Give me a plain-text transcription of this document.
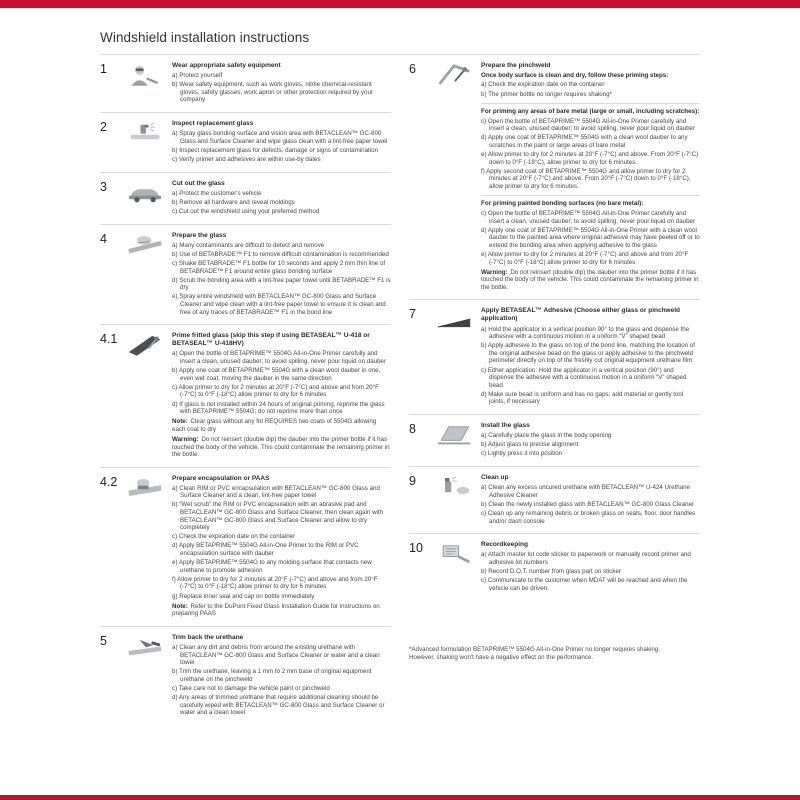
Windshield installation instructions
1	Wear appropriate safety equipment
a) Protect yourself
b) Wear safety equipment, such as work gloves, nitrile chemical-resistant gloves, safety glasses, work apron or other protection required by your company
2	Inspect replacement glass
a) Spray glass bonding surface and vision area with BETACLEAN™ GC-800 Glass and Surface Cleaner and wipe glass clean with a lint-free paper towel
b) Inspect replacement glass for defects, damage or signs of contamination
c) Verify primer and adhesives are within use-by dates
3	Cut out the glass
a) Protect the customer's vehicle
b) Remove all hardware and reveal moldings
c) Cut out the windshield using your preferred method
4	Prepare the glass
a) Many contaminants are difficult to detect and remove
b) Use of BETABRADE™ F1 to remove difficult contamination is recommended
c) Shake BETABRADE™ F1 bottle for 10 seconds and apply 2 mm thin line of BETABRADE™ F1 around entire glass bonding surface
d) Scrub the bonding area with a lint-free paper towel until BETABRADE™ F1 is dry
e) Spray entire windshield with BETACLEAN™ GC-800 Glass and Surface Cleaner and wipe clean with a lint-free paper towel to ensure it is clean and free of any traces of BETABRADE™ F1 in the bond line
4.1	Prime fritted glass (skip this step if using BETASEAL™ U-418 or BETASEAL™ U-418HV)
a) Open the bottle of BETAPRIME™ 5504G All-in-One Primer carefully and insert a clean, unused dauber; to avoid spilling, never pour liquid on dauber
b) Apply one coat of BETAPRIME™ 5504G with a clean wool dauber in one, even wet coat, moving the dauber in the same direction
c) Allow primer to dry for 2 minutes at 20°F (-7°C) and above and from 20°F (-7°C) to 0°F (-18°C) allow primer to dry for 6 minutes
d) If glass is not installed within 24 hours of original priming, reprime the glass with BETAPRIME™ 5504G; do not reprime more than once
Note: Clear glass without any frit REQUIRES two coats of 5504G allowing each coat to dry
Warning: Do not reinsert (double dip) the dauber into the primer bottle if it has touched the body of the vehicle. This could contaminate the remaining primer in the bottle.
4.2	Prepare encapsulation or PAAS
a) Clean RIM or PVC encapsulation with BETACLEAN™ GC-800 Glass and Surface Cleaner and a clean, lint-free paper towel
b) “Wet scrub” the RIM or PVC encapsulation with an abrasive pad and BETACLEAN™ GC-800 Glass and Surface Cleaner, then clean again with BETACLEAN™ GC-800 Glass and Surface Cleaner and allow to dry completely
c) Check the expiration date on the container
d) Apply BETAPRIME™ 5504G All-in-One Primer to the RIM or PVC encapsulation surface with dauber
e) Apply BETAPRIME™ 5504G to any molding surface that contacts new urethane to promote adhesion
f) Allow primer to dry for 2 minutes at 20°F (-7°C) and above and from 20°F (-7°C) to 0°F (-18°C) allow primer to dry for 6 minutes
g) Replace inner seal and cap on bottle immediately
Note: Refer to the DuPont Fixed Glass Installation Guide for instructions on preparing PAAS
5	Trim back the urethane
a) Clean any dirt and debris from around the existing urethane with BETACLEAN™ GC-800 Glass and Surface Cleaner or water and a clean towel
b) Trim the urethane, leaving a 1 mm to 2 mm base of original equipment urethane on the pinchweld
c) Take care not to damage the vehicle paint or pinchweld
d) Any areas of trimmed urethane that require additional cleaning should be carefully wiped with BETACLEAN™ GC-800 Glass and Surface Cleaner or water and a clean towel
6	Prepare the pinchweld
Once body surface is clean and dry, follow these priming steps:
a) Check the expiration date on the container
b) The primer bottle no longer requires shaking*
For priming any areas of bare metal (large or small, including scratches):
c) Open the bottle of BETAPRIME™ 5504G All-in-One Primer carefully and insert a clean, unused dauber; to avoid spilling, never pour liquid on dauber
d) Apply one coat of BETAPRIME™ 5504G with a clean wool dauber to any scratches in the paint or large areas of bare metal
e) Allow primer to dry for 2 minutes at 20°F (-7°C) and above. From 20°F (-7°C) down to 0°F (-18°C), allow primer to dry for 6 minutes.
f) Apply second coat of BETAPRIME™ 5504G and allow primer to dry for 2 minutes at 20°F (-7°C) and above. From 20°F (-7°C) down to 0°F (-18°C), allow primer to dry for 6 minutes.
For priming painted bonding surfaces (no bare metal):
c) Open the bottle of BETAPRIME™ 5504G All-in-One Primer carefully and insert a clean, unused dauber; to avoid spilling, never pour liquid on dauber
d) Apply one coat of BETAPRIME™ 5504G All-in-One Primer with a clean wool dauber to the painted area where original adhesive may have peeled off or to extend the bonding area when applying adhesive to the glass
e) Allow primer to dry for 2 minutes at 20°F (-7°C) and above and from 20°F (-7°C) to 0°F (-18°C) allow primer to dry for 6 minutes
Warning: Do not reinsert (double dip) the dauber into the primer bottle if it has touched the body of the vehicle. This could contaminate the remaining primer in the bottle.
7	Apply BETASEAL™ Adhesive (Choose either glass or pinchweld application)
a) Hold the applicator in a vertical position 90° to the glass and dispense the adhesive with a continuous motion in a uniform “V” shaped bead
b) Apply adhesive to the glass on top of the bond line, matching the location of the original adhesive bead on the glass or apply adhesive to the pinchweld perimeter directly on top of the freshly cut original equipment urethane film
c) Either application: Hold the applicator in a vertical position (90°) and dispense the adhesive with a continuous motion in a uniform “V” shaped bead
d) Make sure bead is uniform and has no gaps; add material or gently tool joints, if necessary
8	Install the glass
a) Carefully place the glass in the body opening
b) Adjust glass to precise alignment
c) Lightly press it into position
9	Clean up
a) Clean any excess uncured urethane with BETACLEAN™ U-424 Urethane Adhesive Cleaner
b) Clean the newly installed glass with BETACLEAN™ GC-800 Glass Cleaner
c) Clean up any remaining debris or broken glass on seats, floor, door handles and/or dash console
10	Recordkeeping
a) Attach master lot code sticker to paperwork or manually record primer and adhesive lot numbers
b) Record D.O.T. number from glass part on sticker
c) Communicate to the customer when MDAT will be reached and when the vehicle can be driven.
*Advanced formulation BETAPRIME™ 5504G All-in-One Primer no longer requires shaking. However, shaking won't have a negative effect on the performance.
